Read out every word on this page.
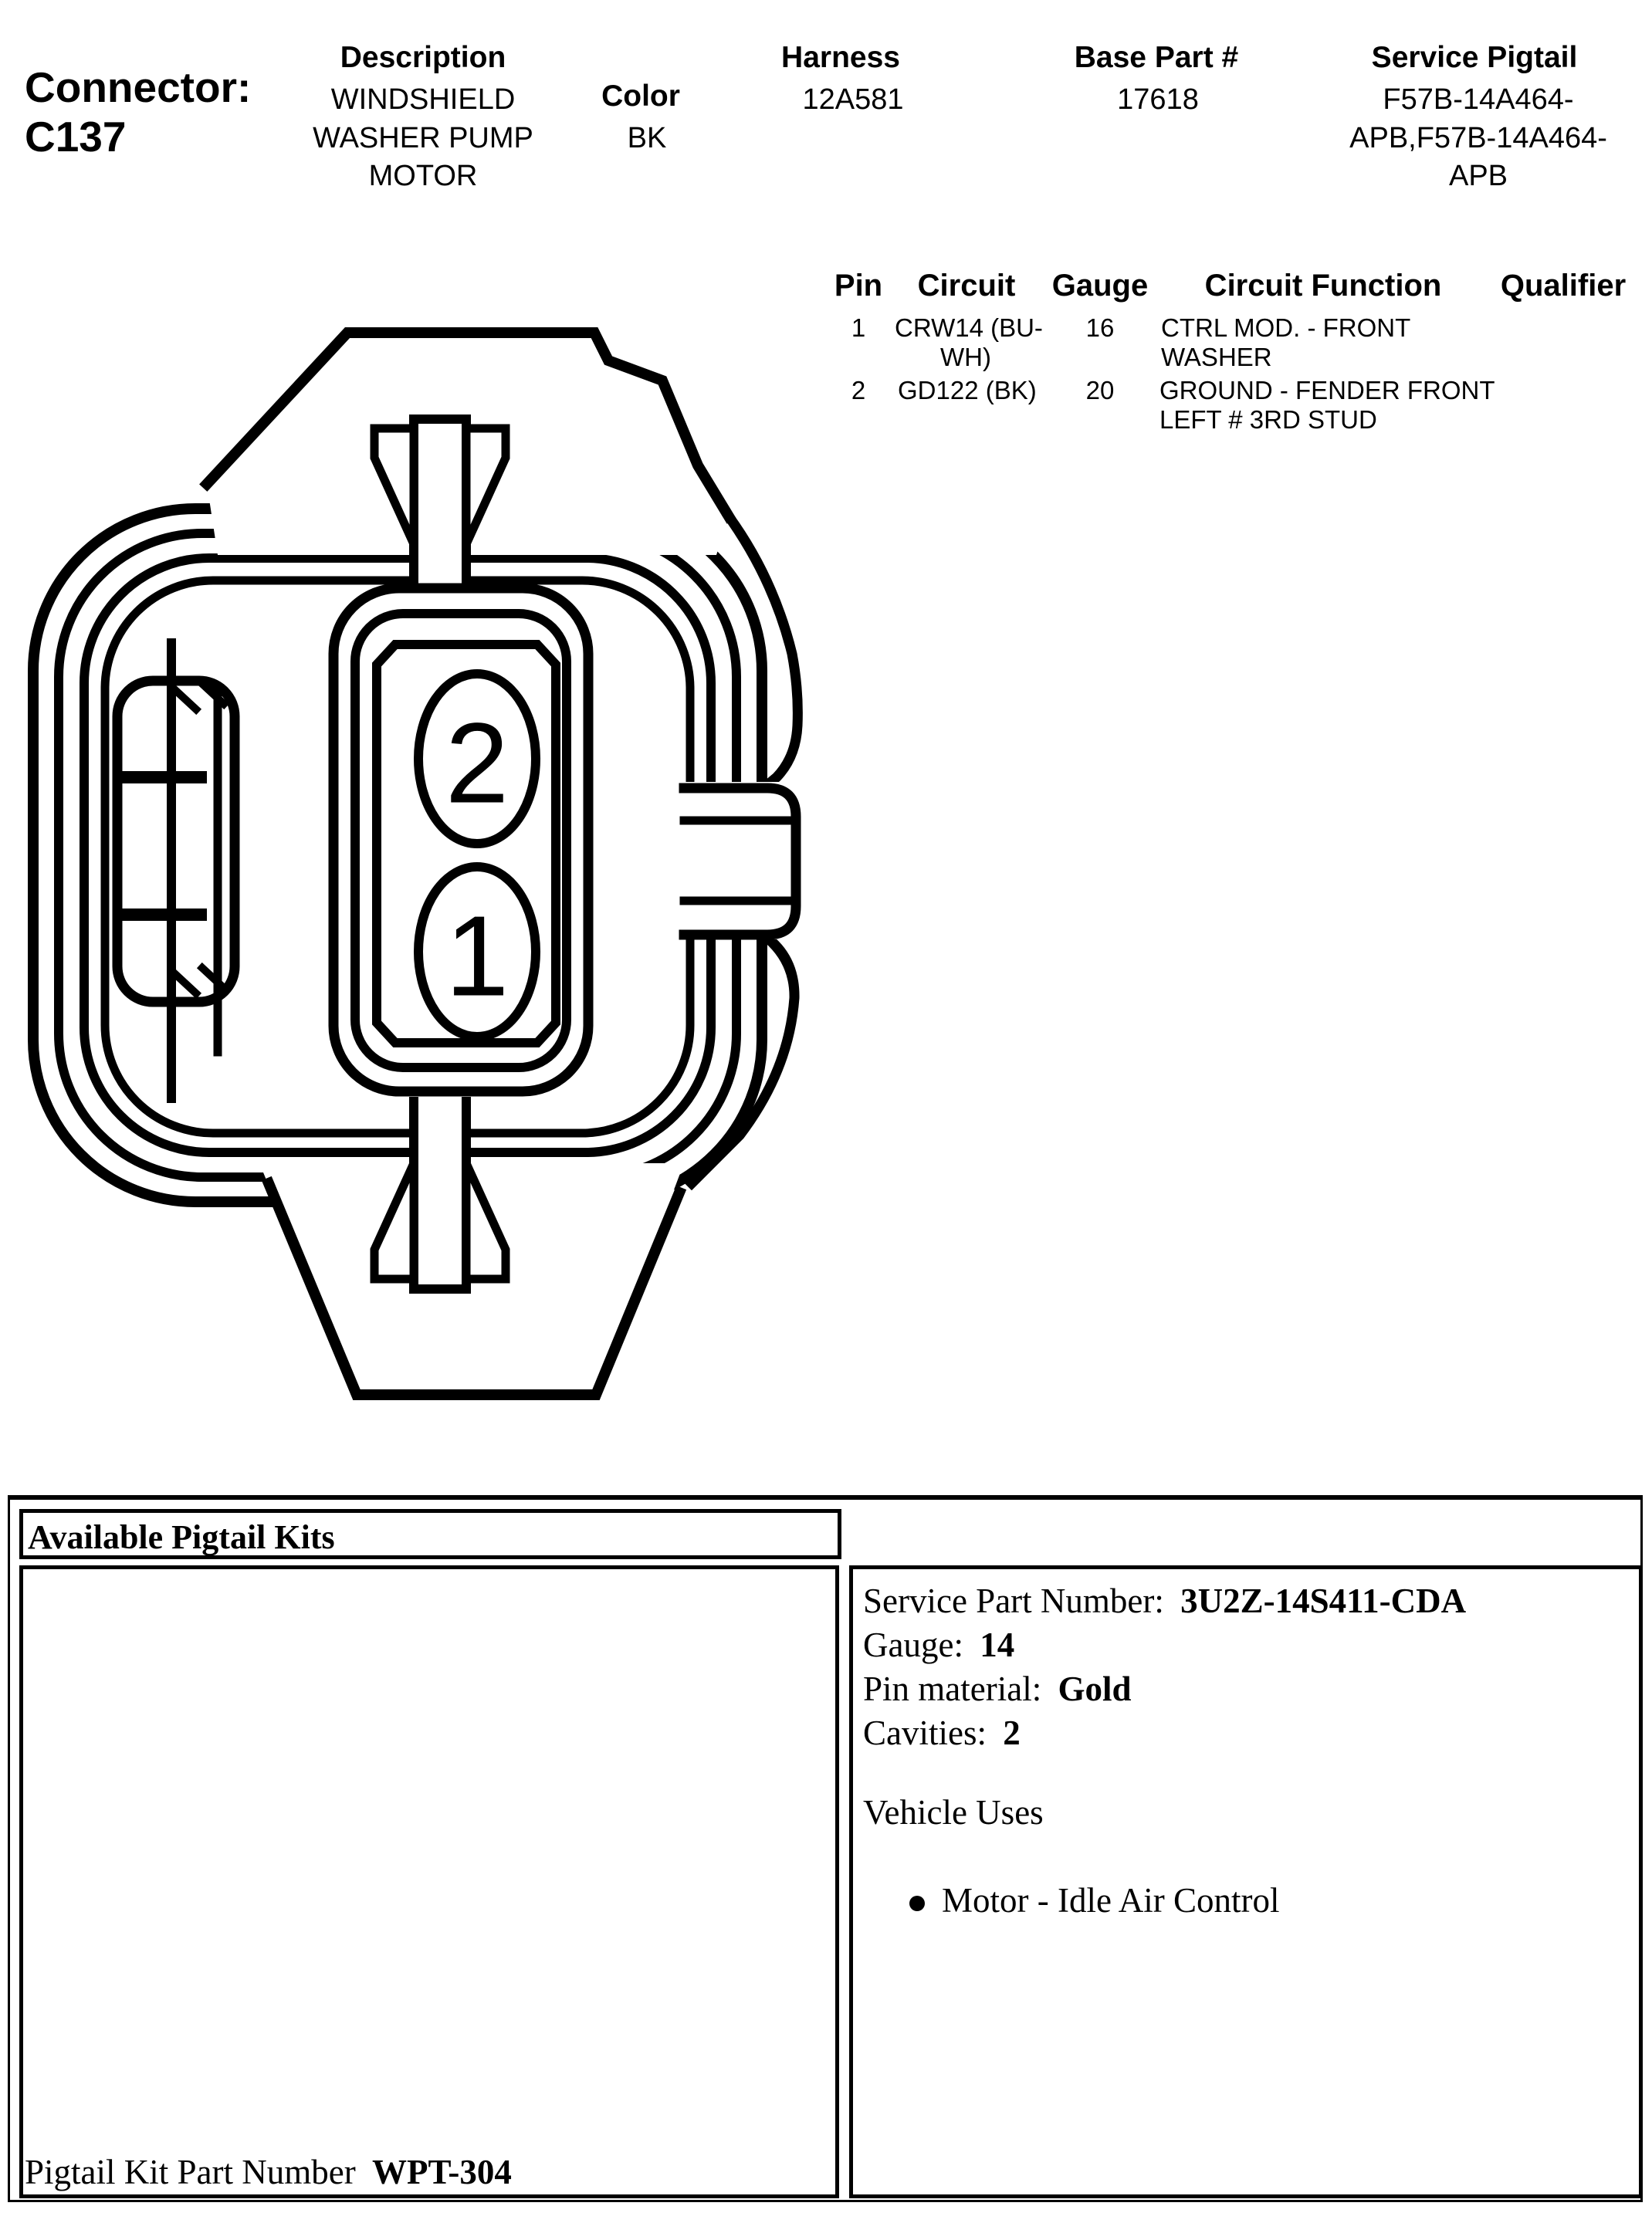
Connector:
C137
Description
WINDSHIELD
WASHER PUMP
MOTOR
Color
BK
Harness
12A581
Base Part #
17618
Service Pigtail
F57B-14A464-
APB,F57B-14A464-
APB
Pin Circuit Gauge Circuit Function Qualifier
1 CRW14 (BU-
WH)
16 CTRL MOD. - FRONT
WASHER
2 GD122 (BK) 20 GROUND - FENDER FRONT
LEFT # 3RD STUD
2
1
Available Pigtail Kits
Pigtail Kit Part Number WPT-304
Service Part Number: 3U2Z-14S411-CDA
Gauge: 14
Pin material: Gold
Cavities: 2
Vehicle Uses
Motor - Idle Air Control
